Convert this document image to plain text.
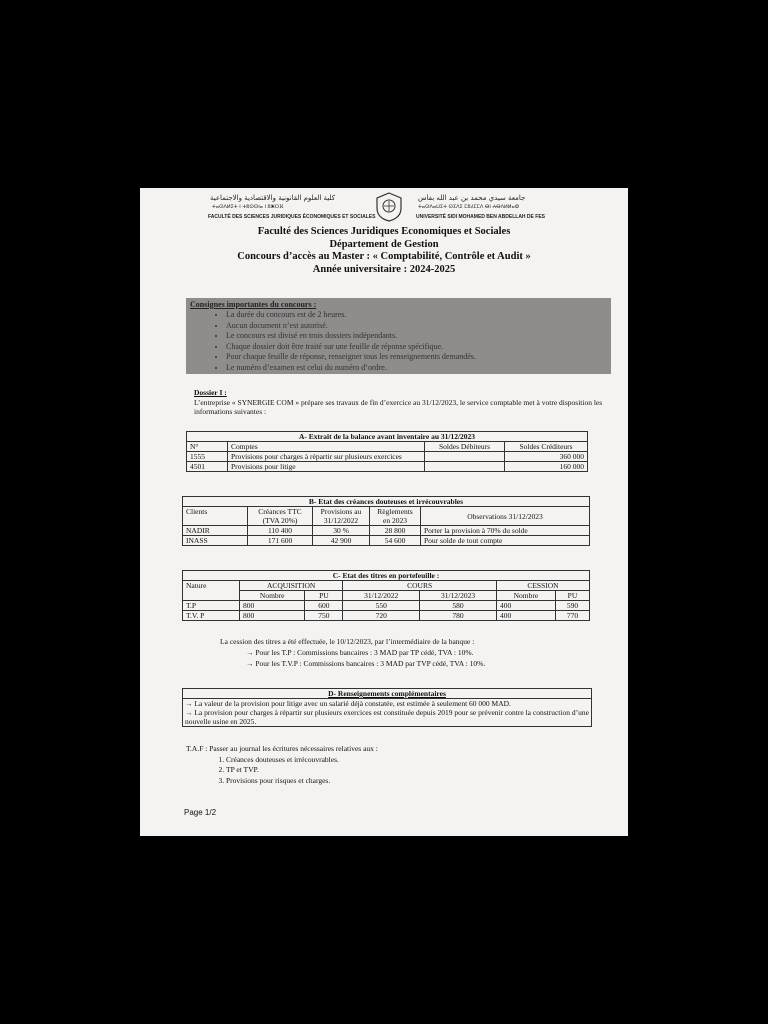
كلية العلوم القانونية والاقتصادية والاجتماعية
ⵜⴰⵙⴷⵍⵉⵜ ⵏ ⵜⵓⵙⵙⵏⴰ ⵏ ⵓⵥⵔⴼ
FACULTÉ DES SCIENCES JURIDIQUES ÉCONOMIQUES ET SOCIALES
جامعة سيدي محمد بن عبد الله بفاس
ⵜⴰⵙⴷⴰⵡⵉⵜ ⵙⵉⴷⵉ ⵎⵓⵃⵎⵎⴷ ⴱⵏ ⵄⴱⴷⵍⵍⴰⵀ
UNIVERSITÉ SIDI MOHAMED BEN ABDELLAH DE FES
Faculté des Sciences Juridiques Economiques et Sociales
Département de Gestion
Concours d’accès au Master : « Comptabilité, Contrôle et Audit »
Année universitaire : 2024-2025
Consignes importantes du concours :
• La durée du concours est de 2 heures.
• Aucun document n’est autorisé.
• Le concours est divisé en trois dossiers indépendants.
• Chaque dossier doit être traité sur une feuille de réponse spécifique.
• Pour chaque feuille de réponse, renseigner tous les renseignements demandés.
• Le numéro d’examen est celui du numéro d’ordre.
Dossier I :
L’entreprise « SYNERGIE COM » prépare ses travaux de fin d’exercice au 31/12/2023, le service comptable met à votre disposition les informations suivantes :
A- Extrait de la balance avant inventaire au 31/12/2023			
N°	Comptes	Soldes Débiteurs	Soldes Créditeurs
1555	Provisions pour charges à répartir sur plusieurs exercices		360 000
4501	Provisions pour litige		160 000
B- Etat des créances douteuses et irrécouvrables				
Clients	Créances TTC (TVA 20%)	Provisions au 31/12/2022	Règlements en 2023	Observations 31/12/2023
NADIR	110 400	30 %	28 800	Porter la provision à 70% du solde
INASS	171 600	42 900	54 600	Pour solde de tout compte
C- Etat des titres en portefeuille :						
Nature	ACQUISITION		COURS		CESSION	
	Nombre	PU	31/12/2022	31/12/2023	Nombre	PU
T.P	800	600	550	580	400	590
T.V. P	800	750	720	780	400	770
La cession des titres a été effectuée, le 10/12/2023, par l’intermédiaire de la banque :
→ Pour les T.P : Commissions bancaires : 3 MAD par TP cédé, TVA : 10%.
→ Pour les T.V.P : Commissions bancaires : 3 MAD par TVP cédé, TVA : 10%.
D- Renseignements complémentaires
→ La valeur de la provision pour litige avec un salarié déjà constatée, est estimée à seulement 60 000 MAD.
→ La provision pour charges à répartir sur plusieurs exercices est constituée depuis 2019 pour se prévenir contre la construction d’une nouvelle usine en 2025.
T.A.F : Passer au journal les écritures nécessaires relatives aux :
1. Créances douteuses et irrécouvrables.
2. TP et TVP.
3. Provisions pour risques et charges.
Page 1/2
